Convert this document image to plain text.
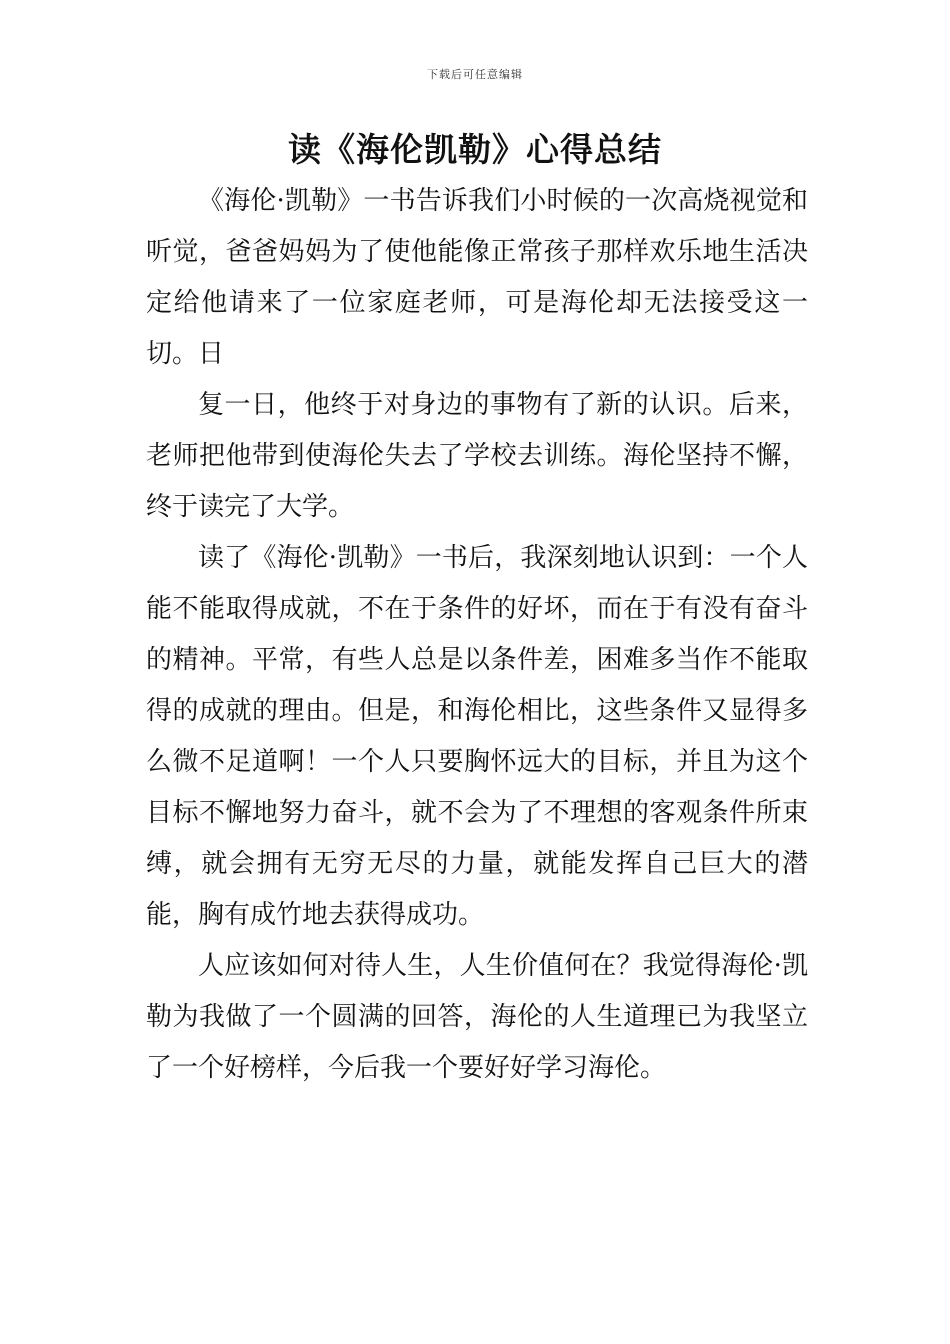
下载后可任意编辑
读《海伦凯勒》心得总结

《海伦·凯勒》一书告诉我们小时候的一次高烧视觉和听觉，爸爸妈妈为了使他能像正常孩子那样欢乐地生活决定给他请来了一位家庭老师，可是海伦却无法接受这一切。日

复一日，他终于对身边的事物有了新的认识。后来，老师把他带到使海伦失去了学校去训练。海伦坚持不懈，终于读完了大学。

读了《海伦·凯勒》一书后，我深刻地认识到：一个人能不能取得成就，不在于条件的好坏，而在于有没有奋斗的精神。平常，有些人总是以条件差，困难多当作不能取得的成就的理由。但是，和海伦相比，这些条件又显得多么微不足道啊！一个人只要胸怀远大的目标，并且为这个目标不懈地努力奋斗，就不会为了不理想的客观条件所束缚，就会拥有无穷无尽的力量，就能发挥自己巨大的潜能，胸有成竹地去获得成功。

人应该如何对待人生，人生价值何在？我觉得海伦·凯勒为我做了一个圆满的回答，海伦的人生道理已为我坚立了一个好榜样，今后我一个要好好学习海伦。
